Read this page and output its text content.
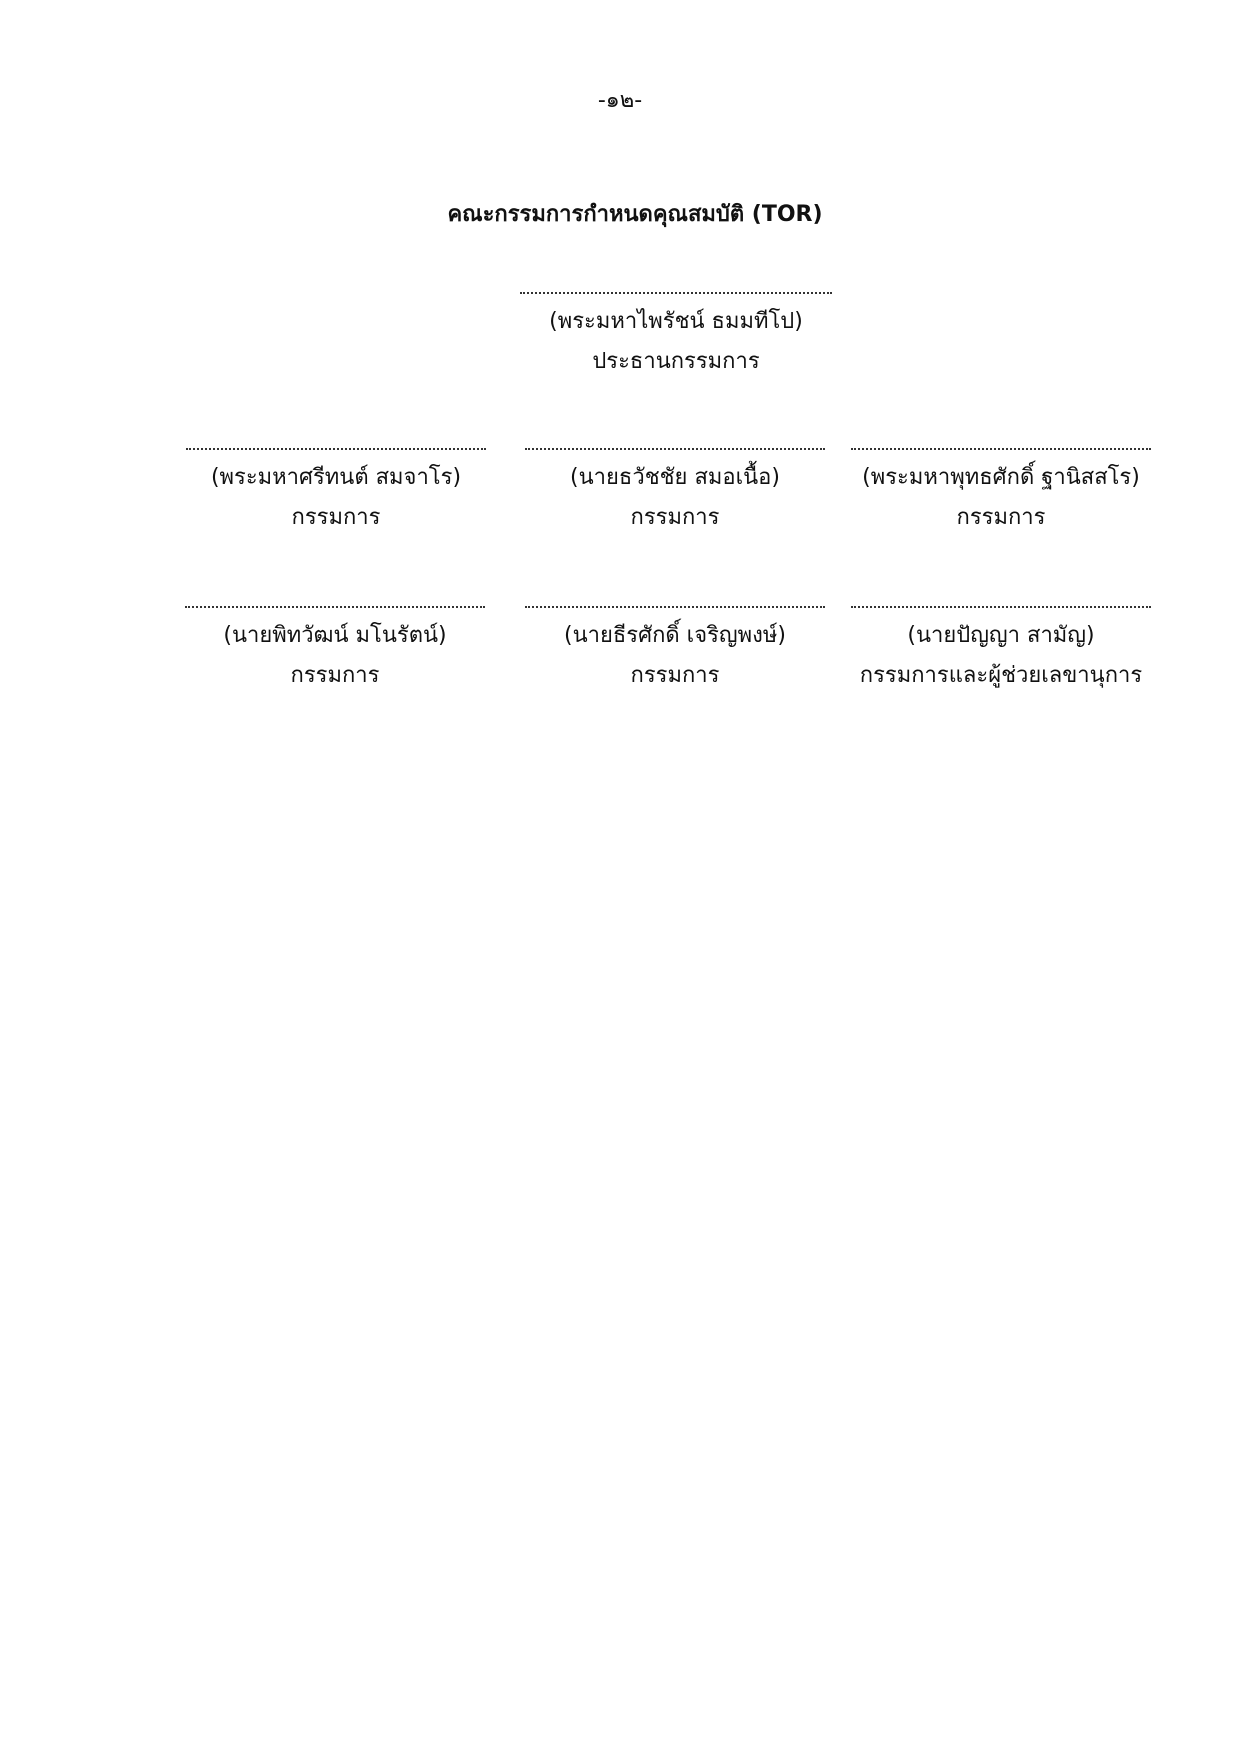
-๑๒-
คณะกรรมการกำหนดคุณสมบัติ (TOR)
(พระมหาไพรัชน์ ธมมทีโป)
ประธานกรรมการ
(พระมหาศรีทนต์ สมจาโร)
กรรมการ
(นายธวัชชัย สมอเนื้อ)
กรรมการ
(พระมหาพุทธศักดิ์ ฐานิสสโร)
กรรมการ
(นายพิทวัฒน์ มโนรัตน์)
กรรมการ
(นายธีรศักดิ์ เจริญพงษ์)
กรรมการ
(นายปัญญา สามัญ)
กรรมการและผู้ช่วยเลขานุการ
